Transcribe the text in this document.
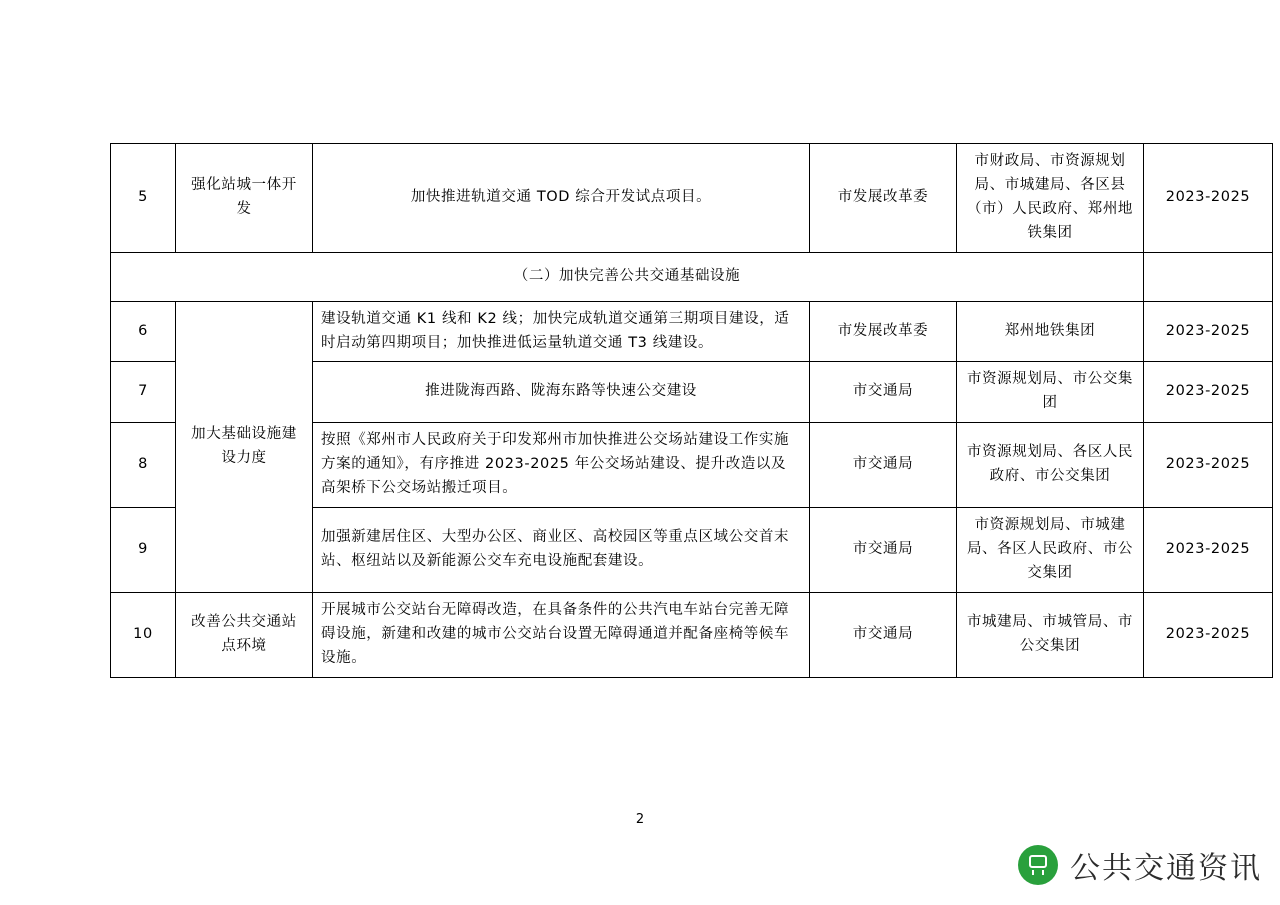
5	强化站城一体开发	加快推进轨道交通 TOD 综合开发试点项目。	市发展改革委	市财政局、市资源规划局、市城建局、各区县（市）人民政府、郑州地铁集团	2023-2025
（二）加快完善公共交通基础设施					
6	加大基础设施建设力度	建设轨道交通 K1 线和 K2 线；加快完成轨道交通第三期项目建设，适时启动第四期项目；加快推进低运量轨道交通 T3 线建设。	市发展改革委	郑州地铁集团	2023-2025
7		推进陇海西路、陇海东路等快速公交建设	市交通局	市资源规划局、市公交集团	2023-2025
8		按照《郑州市人民政府关于印发郑州市加快推进公交场站建设工作实施方案的通知》，有序推进 2023-2025 年公交场站建设、提升改造以及高架桥下公交场站搬迁项目。	市交通局	市资源规划局、各区人民政府、市公交集团	2023-2025
9		加强新建居住区、大型办公区、商业区、高校园区等重点区域公交首末站、枢纽站以及新能源公交车充电设施配套建设。	市交通局	市资源规划局、市城建局、各区人民政府、市公交集团	2023-2025
10	改善公共交通站点环境	开展城市公交站台无障碍改造，在具备条件的公共汽电车站台完善无障碍设施，新建和改建的城市公交站台设置无障碍通道并配备座椅等候车设施。	市交通局	市城建局、市城管局、市公交集团	2023-2025
2
公共交通资讯
